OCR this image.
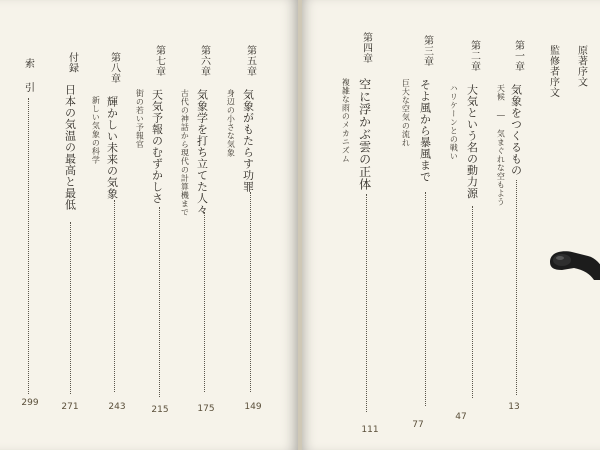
原著序文
監修者序文
第一章
気象をつくるもの
天候 ― 気まぐれな空もよう
13
第二章
大気という名の動力源
ハリケーンとの戦い
47
第三章
そよ風から暴風まで
巨大な空気の流れ
77
第四章
空に浮かぶ雲の正体
複雑な雨のメカニズム
111
第五章
気象がもたらす功罪
身辺の小さな気象
149
第六章
気象学を打ち立てた人々
古代の神話から現代の計算機まで
175
第七章
天気予報のむずかしさ
街の若い予報官
215
第八章
輝かしい未来の気象
新しい気象の科学
243
付録
日本の気温の最高と最低
271
索引
299
